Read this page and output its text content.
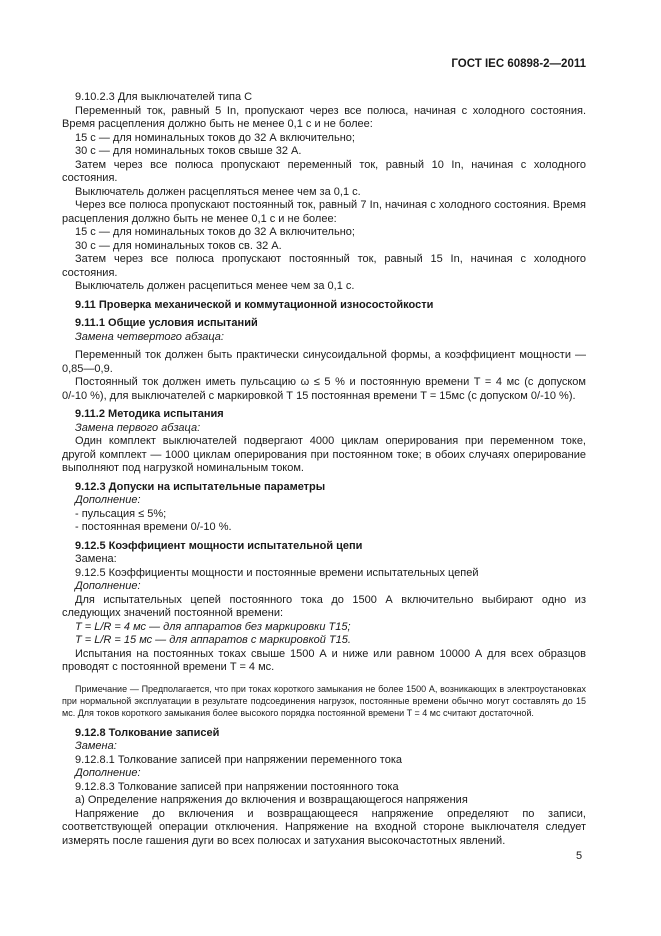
ГОСТ IEC 60898-2—2011

9.10.2.3 Для выключателей типа С

Переменный ток, равный 5 In, пропускают через все полюса, начиная с холодного состояния. Время расцепления должно быть не менее 0,1 с и не более:

15 с — для номинальных токов до 32 А включительно;

30 с — для номинальных токов свыше 32 А.

Затем через все полюса пропускают переменный ток, равный 10 In, начиная с холодного состояния.

Выключатель должен расцепляться менее чем за 0,1 с.

Через все полюса пропускают постоянный ток, равный 7 In, начиная с холодного состояния. Время расцепления должно быть не менее 0,1 с и не более:

15 с — для номинальных токов до 32 А включительно;

30 с — для номинальных токов св. 32 А.

Затем через все полюса пропускают постоянный ток, равный 15 In, начиная с холодного состояния.

Выключатель должен расцепиться менее чем за 0,1 с.

9.11 Проверка механической и коммутационной износостойкости

9.11.1 Общие условия испытаний

Замена четвертого абзаца:

Переменный ток должен быть практически синусоидальной формы, а коэффициент мощности — 0,85—0,9.

Постоянный ток должен иметь пульсацию ω ≤ 5 % и постоянную времени T = 4 мс (с допуском 0/-10 %), для выключателей с маркировкой Т 15 постоянная времени T = 15мс (с допуском 0/-10 %).

9.11.2 Методика испытания

Замена первого абзаца:

Один комплект выключателей подвергают 4000 циклам оперирования при переменном токе, другой комплект — 1000 циклам оперирования при постоянном токе; в обоих случаях оперирование выполняют под нагрузкой номинальным током.

9.12.3 Допуски на испытательные параметры

Дополнение:

- пульсация ≤ 5%;

- постоянная времени 0/-10 %.

9.12.5 Коэффициент мощности испытательной цепи

Замена:

9.12.5 Коэффициенты мощности и постоянные времени испытательных цепей

Дополнение:

Для испытательных цепей постоянного тока до 1500 А включительно выбирают одно из следующих значений постоянной времени:

T = L/R = 4 мс — для аппаратов без маркировки Т15;

T = L/R = 15 мс — для аппаратов с маркировкой Т15.

Испытания на постоянных токах свыше 1500 А и ниже или равном 10000 А для всех образцов проводят с постоянной времени T = 4 мс.

Примечание — Предполагается, что при токах короткого замыкания не более 1500 А, возникающих в электроустановках при нормальной эксплуатации в результате подсоединения нагрузок, постоянные времени обычно могут составлять до 15 мс. Для токов короткого замыкания более высокого порядка постоянной времени T = 4 мс считают достаточной.

9.12.8 Толкование записей

Замена:

9.12.8.1 Толкование записей при напряжении переменного тока

Дополнение:

9.12.8.3 Толкование записей при напряжении постоянного тока

а) Определение напряжения до включения и возвращающегося напряжения

Напряжение до включения и возвращающееся напряжение определяют по записи, соответствующей операции отключения. Напряжение на входной стороне выключателя следует измерять после гашения дуги во всех полюсах и затухания высокочастотных явлений.

5
